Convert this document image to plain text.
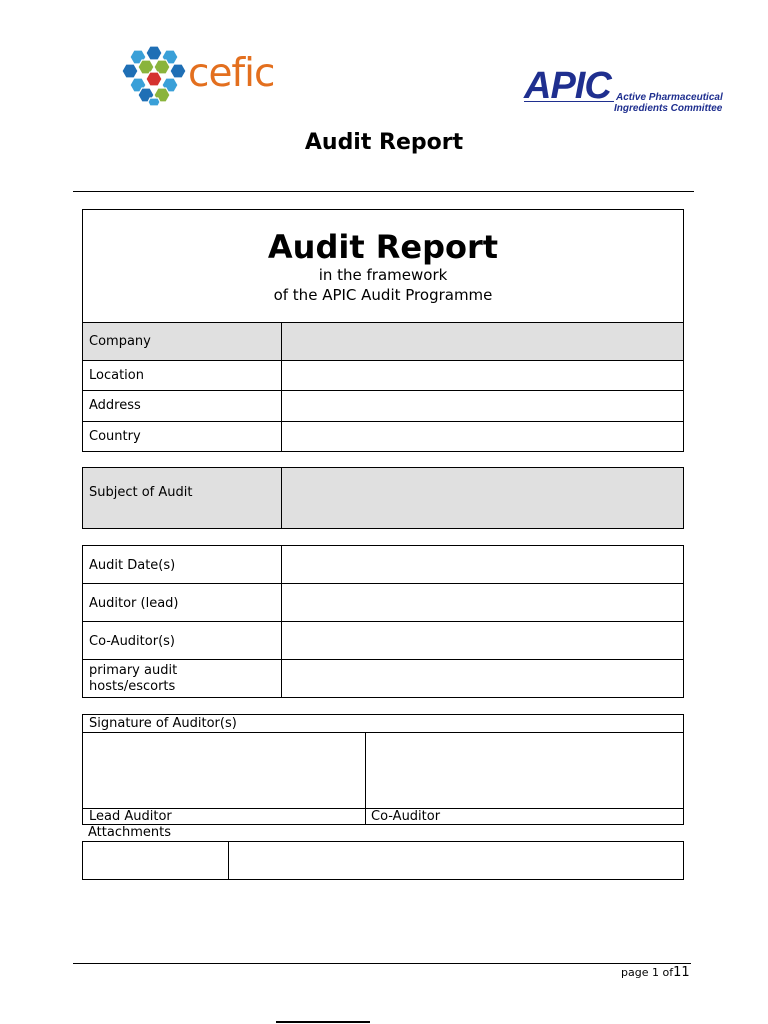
cefic	APIC Active Pharmaceutical
Ingredients Committee
Audit Report
Audit Report
in the framework
of the APIC Audit Programme
Company
Location
Address
Country
Subject of Audit
Audit Date(s)
Auditor (lead)
Co-Auditor(s)
primary audit
hosts/escorts
Signature of Auditor(s)
Lead Auditor	Co-Auditor
Attachments
page 1 of11
